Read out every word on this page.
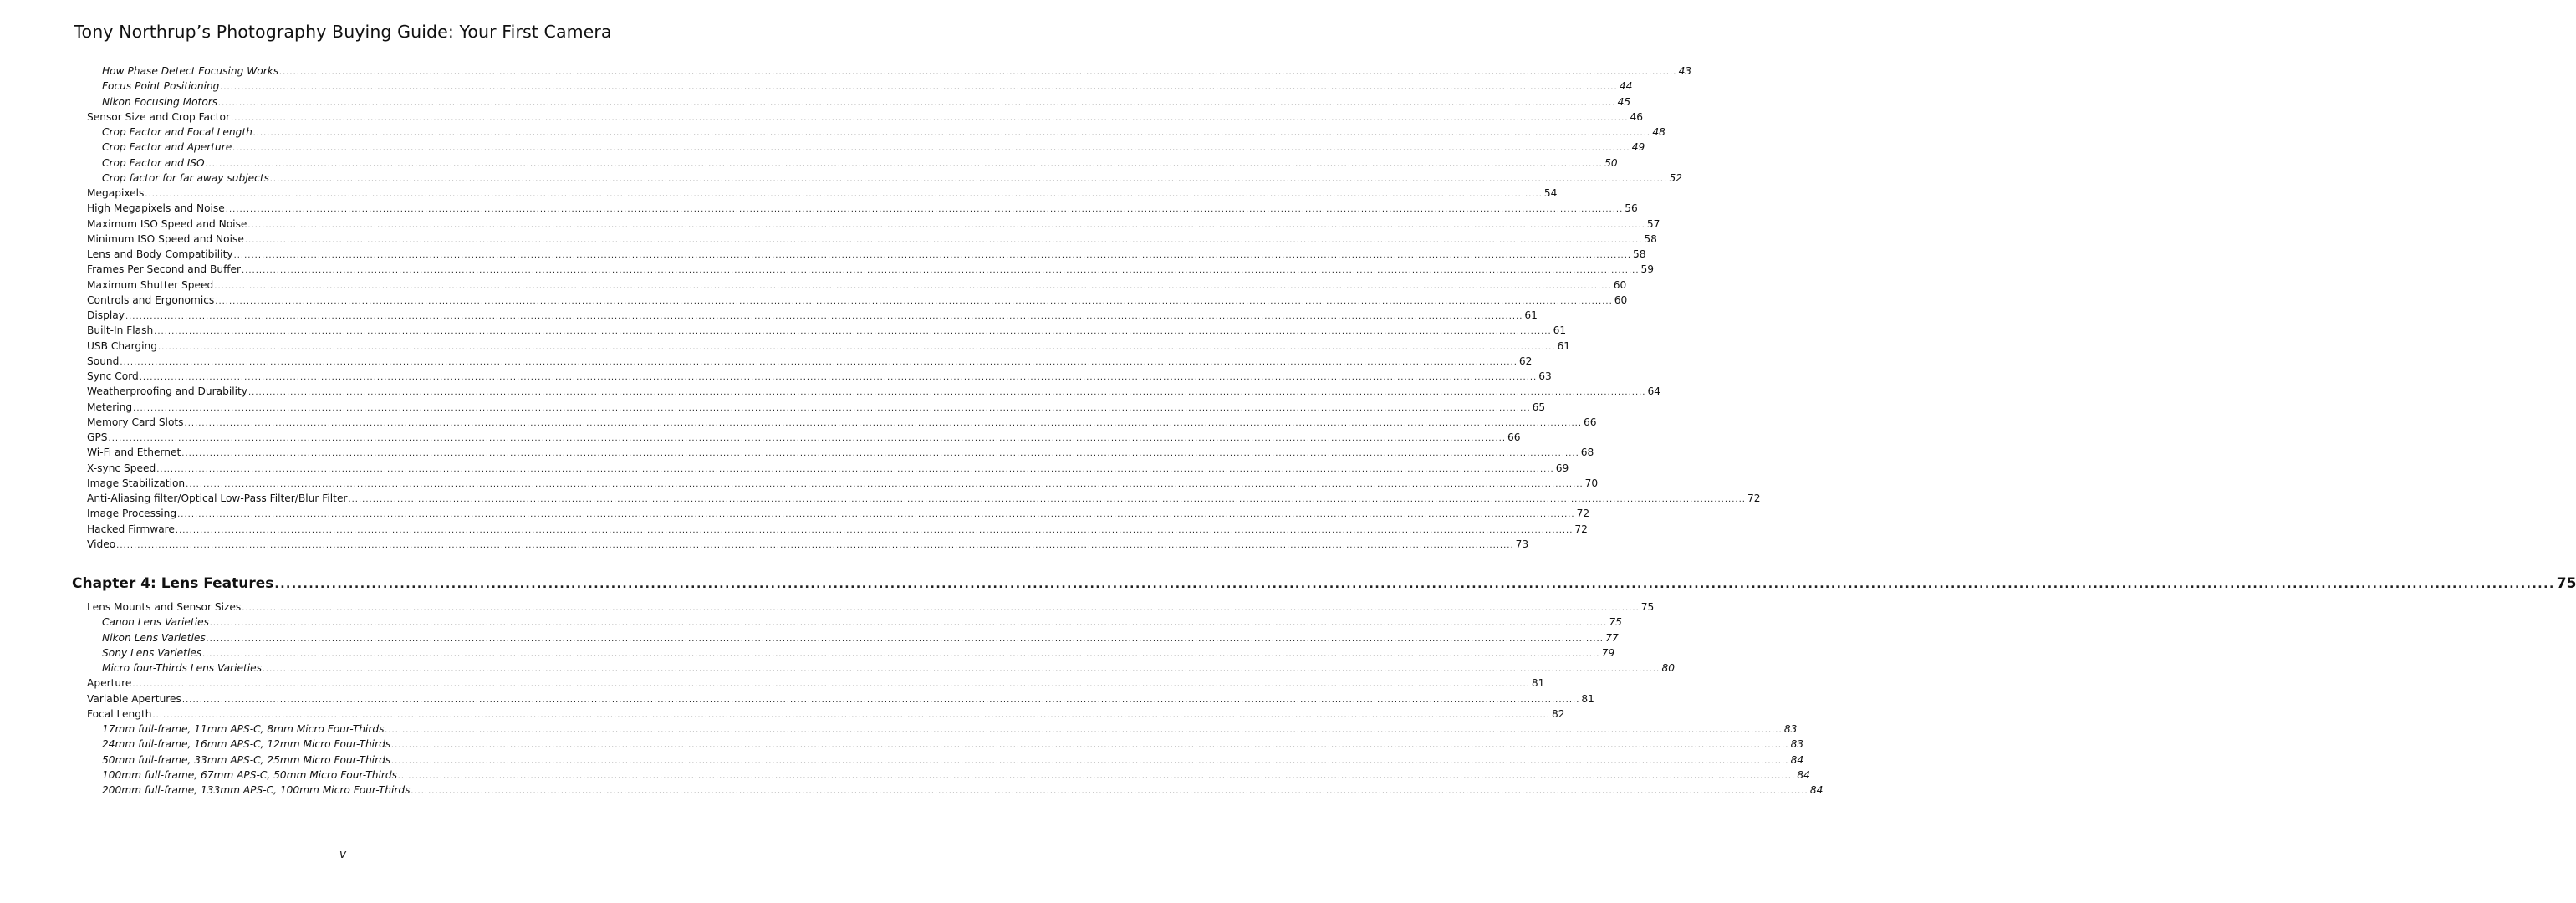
Tony Northrup’s Photography Buying Guide: Your First Camera
How Phase Detect Focusing Works ................................................................................................................................................................................................................................................................................................................................................................................................................ 43
Focus Point Positioning ................................................................................................................................................................................................................................................................................................................................................................................................................ 44
Nikon Focusing Motors ................................................................................................................................................................................................................................................................................................................................................................................................................ 45
Sensor Size and Crop Factor ................................................................................................................................................................................................................................................................................................................................................................................................................ 46
Crop Factor and Focal Length ................................................................................................................................................................................................................................................................................................................................................................................................................ 48
Crop Factor and Aperture ................................................................................................................................................................................................................................................................................................................................................................................................................ 49
Crop Factor and ISO ................................................................................................................................................................................................................................................................................................................................................................................................................ 50
Crop factor for far away subjects ................................................................................................................................................................................................................................................................................................................................................................................................................ 52
Megapixels ................................................................................................................................................................................................................................................................................................................................................................................................................ 54
High Megapixels and Noise ................................................................................................................................................................................................................................................................................................................................................................................................................ 56
Maximum ISO Speed and Noise ................................................................................................................................................................................................................................................................................................................................................................................................................ 57
Minimum ISO Speed and Noise ................................................................................................................................................................................................................................................................................................................................................................................................................ 58
Lens and Body Compatibility ................................................................................................................................................................................................................................................................................................................................................................................................................ 58
Frames Per Second and Buffer ................................................................................................................................................................................................................................................................................................................................................................................................................ 59
Maximum Shutter Speed ................................................................................................................................................................................................................................................................................................................................................................................................................ 60
Controls and Ergonomics ................................................................................................................................................................................................................................................................................................................................................................................................................ 60
Display ................................................................................................................................................................................................................................................................................................................................................................................................................ 61
Built-In Flash ................................................................................................................................................................................................................................................................................................................................................................................................................ 61
USB Charging ................................................................................................................................................................................................................................................................................................................................................................................................................ 61
Sound ................................................................................................................................................................................................................................................................................................................................................................................................................ 62
Sync Cord ................................................................................................................................................................................................................................................................................................................................................................................................................ 63
Weatherproofing and Durability ................................................................................................................................................................................................................................................................................................................................................................................................................ 64
Metering ................................................................................................................................................................................................................................................................................................................................................................................................................ 65
Memory Card Slots ................................................................................................................................................................................................................................................................................................................................................................................................................ 66
GPS ................................................................................................................................................................................................................................................................................................................................................................................................................ 66
Wi-Fi and Ethernet ................................................................................................................................................................................................................................................................................................................................................................................................................ 68
X-sync Speed ................................................................................................................................................................................................................................................................................................................................................................................................................ 69
Image Stabilization ................................................................................................................................................................................................................................................................................................................................................................................................................ 70
Anti-Aliasing filter/Optical Low-Pass Filter/Blur Filter ................................................................................................................................................................................................................................................................................................................................................................................................................ 72
Image Processing ................................................................................................................................................................................................................................................................................................................................................................................................................ 72
Hacked Firmware ................................................................................................................................................................................................................................................................................................................................................................................................................ 72
Video ................................................................................................................................................................................................................................................................................................................................................................................................................ 73
Chapter 4: Lens Features ................................................................................................................................................................................................................................................................................................................................................................................................................ 75
Lens Mounts and Sensor Sizes ................................................................................................................................................................................................................................................................................................................................................................................................................ 75
Canon Lens Varieties ................................................................................................................................................................................................................................................................................................................................................................................................................ 75
Nikon Lens Varieties ................................................................................................................................................................................................................................................................................................................................................................................................................ 77
Sony Lens Varieties ................................................................................................................................................................................................................................................................................................................................................................................................................ 79
Micro four-Thirds Lens Varieties ................................................................................................................................................................................................................................................................................................................................................................................................................ 80
Aperture ................................................................................................................................................................................................................................................................................................................................................................................................................ 81
Variable Apertures ................................................................................................................................................................................................................................................................................................................................................................................................................ 81
Focal Length ................................................................................................................................................................................................................................................................................................................................................................................................................ 82
17mm full-frame, 11mm APS-C, 8mm Micro Four-Thirds ................................................................................................................................................................................................................................................................................................................................................................................................................ 83
24mm full-frame, 16mm APS-C, 12mm Micro Four-Thirds ................................................................................................................................................................................................................................................................................................................................................................................................................ 83
50mm full-frame, 33mm APS-C, 25mm Micro Four-Thirds ................................................................................................................................................................................................................................................................................................................................................................................................................ 84
100mm full-frame, 67mm APS-C, 50mm Micro Four-Thirds ................................................................................................................................................................................................................................................................................................................................................................................................................ 84
200mm full-frame, 133mm APS-C, 100mm Micro Four-Thirds ................................................................................................................................................................................................................................................................................................................................................................................................................ 84
v
